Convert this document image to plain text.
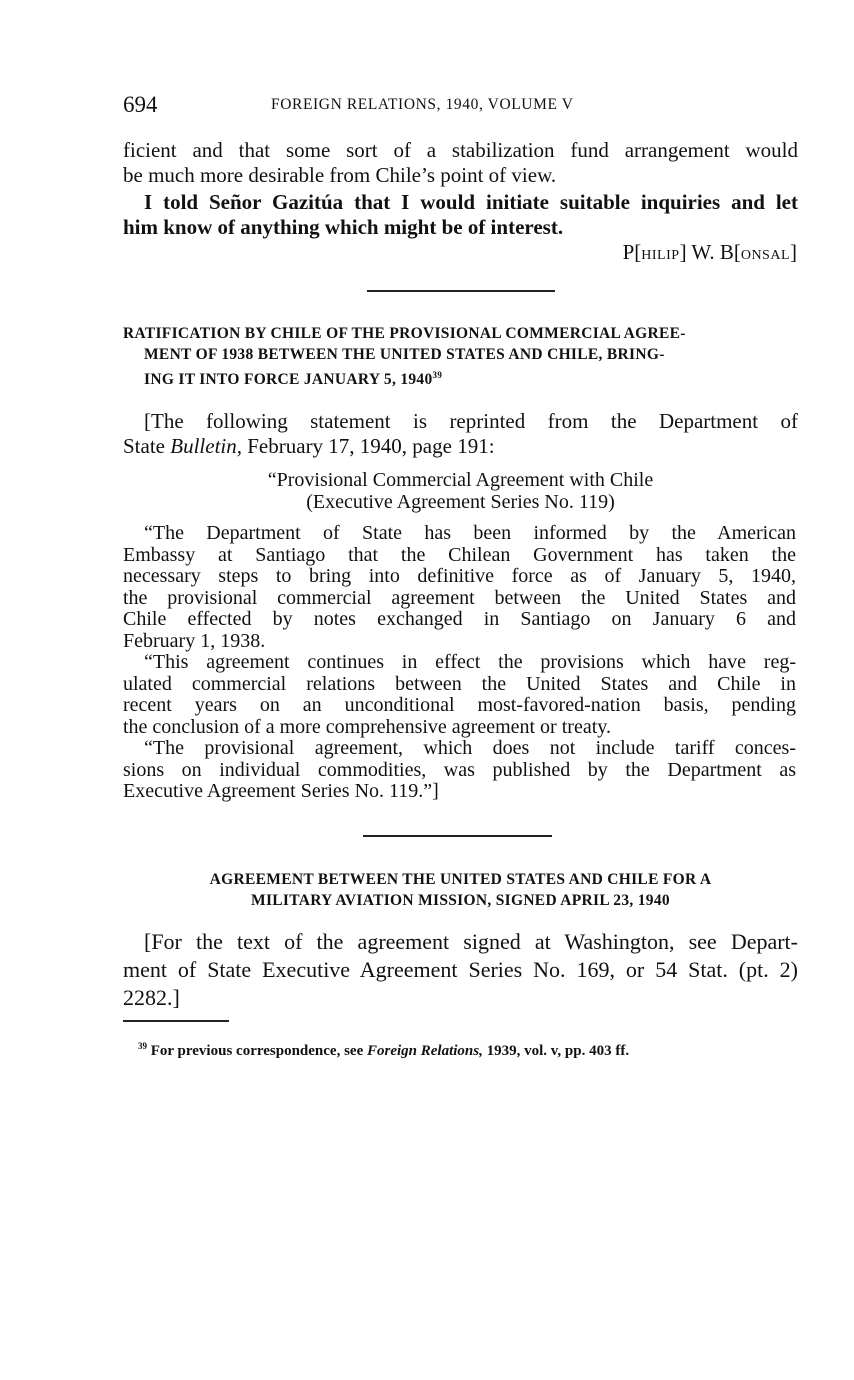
694	FOREIGN RELATIONS, 1940, VOLUME V
ficient and that some sort of a stabilization fund arrangement would
be much more desirable from Chile’s point of view.
I told Señor Gazitúa that I would initiate suitable inquiries and let
him know of anything which might be of interest.
P[HILIP] W. B[ONSAL]
RATIFICATION BY CHILE OF THE PROVISIONAL COMMERCIAL AGREE-
MENT OF 1938 BETWEEN THE UNITED STATES AND CHILE, BRING-
ING IT INTO FORCE JANUARY 5, 1940$^{39}$
[The following statement is reprinted from the Department of
State Bulletin, February 17, 1940, page 191:
“Provisional Commercial Agreement with Chile
(Executive Agreement Series No. 119)
“The Department of State has been informed by the American
Embassy at Santiago that the Chilean Government has taken the
necessary steps to bring into definitive force as of January 5, 1940,
the provisional commercial agreement between the United States and
Chile effected by notes exchanged in Santiago on January 6 and
February 1, 1938.
“This agreement continues in effect the provisions which have reg-
ulated commercial relations between the United States and Chile in
recent years on an unconditional most-favored-nation basis, pending
the conclusion of a more comprehensive agreement or treaty.
“The provisional agreement, which does not include tariff conces-
sions on individual commodities, was published by the Department as
Executive Agreement Series No. 119.”]
AGREEMENT BETWEEN THE UNITED STATES AND CHILE FOR A
MILITARY AVIATION MISSION, SIGNED APRIL 23, 1940
[For the text of the agreement signed at Washington, see Depart-
ment of State Executive Agreement Series No. 169, or 54 Stat. (pt. 2)
2282.]
$^{39}$ For previous correspondence, see Foreign Relations, 1939, vol. v, pp. 403 ff.
